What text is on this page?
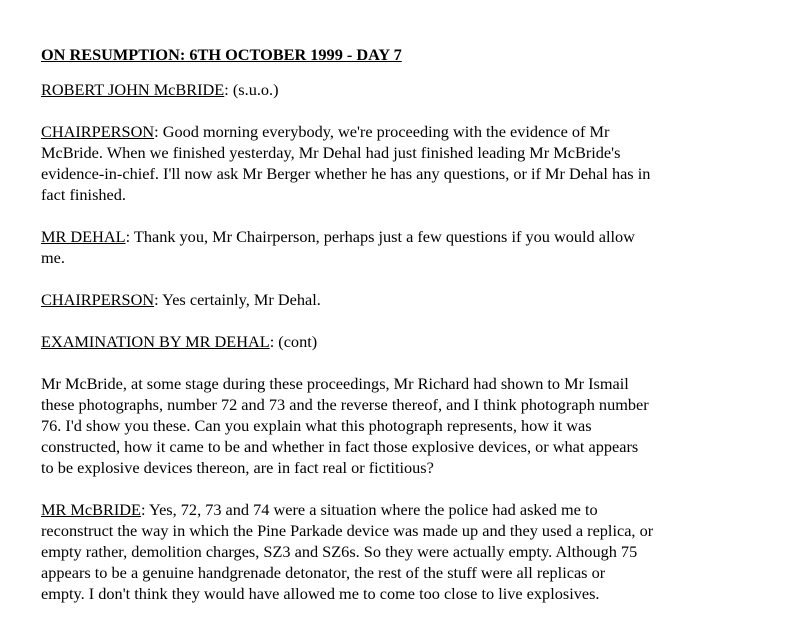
ON RESUMPTION: 6TH OCTOBER 1999 - DAY 7
ROBERT JOHN McBRIDE: (s.u.o.)
CHAIRPERSON: Good morning everybody, we're proceeding with the evidence of Mr
McBride. When we finished yesterday, Mr Dehal had just finished leading Mr McBride's
evidence-in-chief. I'll now ask Mr Berger whether he has any questions, or if Mr Dehal has in
fact finished.
MR DEHAL: Thank you, Mr Chairperson, perhaps just a few questions if you would allow
me.
CHAIRPERSON: Yes certainly, Mr Dehal.
EXAMINATION BY MR DEHAL: (cont)
Mr McBride, at some stage during these proceedings, Mr Richard had shown to Mr Ismail
these photographs, number 72 and 73 and the reverse thereof, and I think photograph number
76. I'd show you these. Can you explain what this photograph represents, how it was
constructed, how it came to be and whether in fact those explosive devices, or what appears
to be explosive devices thereon, are in fact real or fictitious?
MR McBRIDE: Yes, 72, 73 and 74 were a situation where the police had asked me to
reconstruct the way in which the Pine Parkade device was made up and they used a replica, or
empty rather, demolition charges, SZ3 and SZ6s. So they were actually empty. Although 75
appears to be a genuine handgrenade detonator, the rest of the stuff were all replicas or
empty. I don't think they would have allowed me to come too close to live explosives.
